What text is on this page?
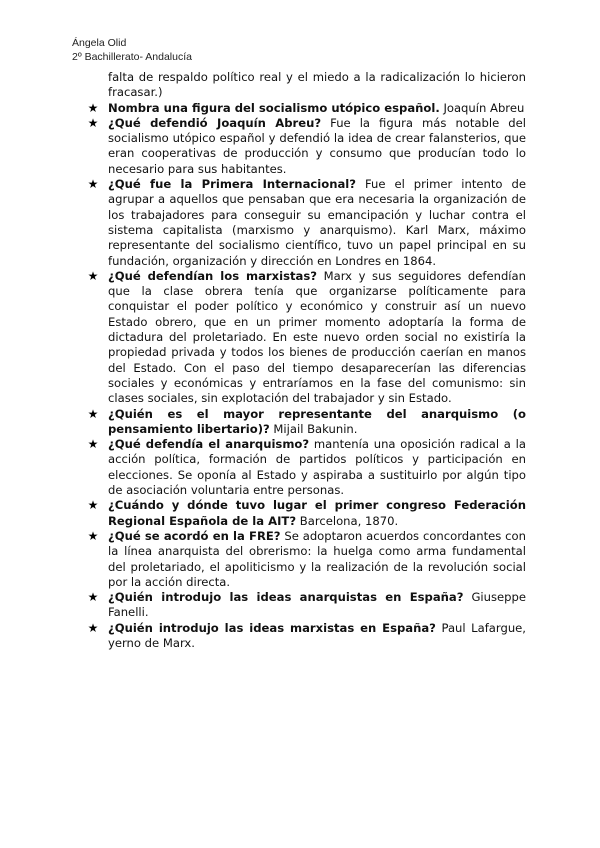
Ángela Olid
2º Bachillerato- Andalucía
falta de respaldo político real y el miedo a la radicalización lo hicieron fracasar.)
★ Nombra una figura del socialismo utópico español. Joaquín Abreu
★ ¿Qué defendió Joaquín Abreu? Fue la figura más notable del socialismo utópico español y defendió la idea de crear falansterios, que eran cooperativas de producción y consumo que producían todo lo necesario para sus habitantes.
★ ¿Qué fue la Primera Internacional? Fue el primer intento de agrupar a aquellos que pensaban que era necesaria la organización de los trabajadores para conseguir su emancipación y luchar contra el sistema capitalista (marxismo y anarquismo). Karl Marx, máximo representante del socialismo científico, tuvo un papel principal en su fundación, organización y dirección en Londres en 1864.
★ ¿Qué defendían los marxistas? Marx y sus seguidores defendían que la clase obrera tenía que organizarse políticamente para conquistar el poder político y económico y construir así un nuevo Estado obrero, que en un primer momento adoptaría la forma de dictadura del proletariado. En este nuevo orden social no existiría la propiedad privada y todos los bienes de producción caerían en manos del Estado. Con el paso del tiempo desaparecerían las diferencias sociales y económicas y entraríamos en la fase del comunismo: sin clases sociales, sin explotación del trabajador y sin Estado.
★ ¿Quién es el mayor representante del anarquismo (o pensamiento libertario)? Mijail Bakunin.
★ ¿Qué defendía el anarquismo? mantenía una oposición radical a la acción política, formación de partidos políticos y participación en elecciones. Se oponía al Estado y aspiraba a sustituirlo por algún tipo de asociación voluntaria entre personas.
★ ¿Cuándo y dónde tuvo lugar el primer congreso Federación Regional Española de la AIT? Barcelona, 1870.
★ ¿Qué se acordó en la FRE? Se adoptaron acuerdos concordantes con la línea anarquista del obrerismo: la huelga como arma fundamental del proletariado, el apoliticismo y la realización de la revolución social por la acción directa.
★ ¿Quién introdujo las ideas anarquistas en España? Giuseppe Fanelli.
★ ¿Quién introdujo las ideas marxistas en España? Paul Lafargue, yerno de Marx.
